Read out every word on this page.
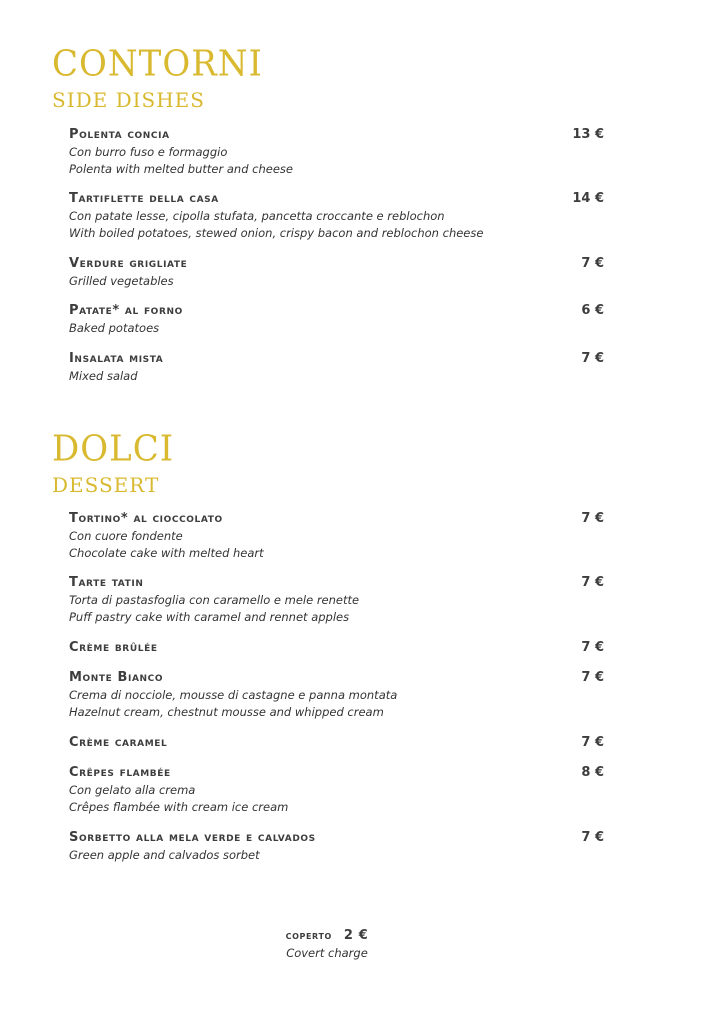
CONTORNI
SIDE DISHES
Polenta concia	13 €
Con burro fuso e formaggio
Polenta with melted butter and cheese
Tartiflette della casa	14 €
Con patate lesse, cipolla stufata, pancetta croccante e reblochon
With boiled potatoes, stewed onion, crispy bacon and reblochon cheese
Verdure grigliate	7 €
Grilled vegetables
Patate* al forno	6 €
Baked potatoes
Insalata mista	7 €
Mixed salad
DOLCI
DESSERT
Tortino* al cioccolato	7 €
Con cuore fondente
Chocolate cake with melted heart
Tarte tatin	7 €
Torta di pastasfoglia con caramello e mele renette
Puff pastry cake with caramel and rennet apples
Crème brûlée	7 €
Monte Bianco	7 €
Crema di nocciole, mousse di castagne e panna montata
Hazelnut cream, chestnut mousse and whipped cream
Crème caramel	7 €
Crêpes flambée	8 €
Con gelato alla crema
Crêpes flambée with cream ice cream
Sorbetto alla mela verde e calvados	7 €
Green apple and calvados sorbet
coperto 2 €
Covert charge
